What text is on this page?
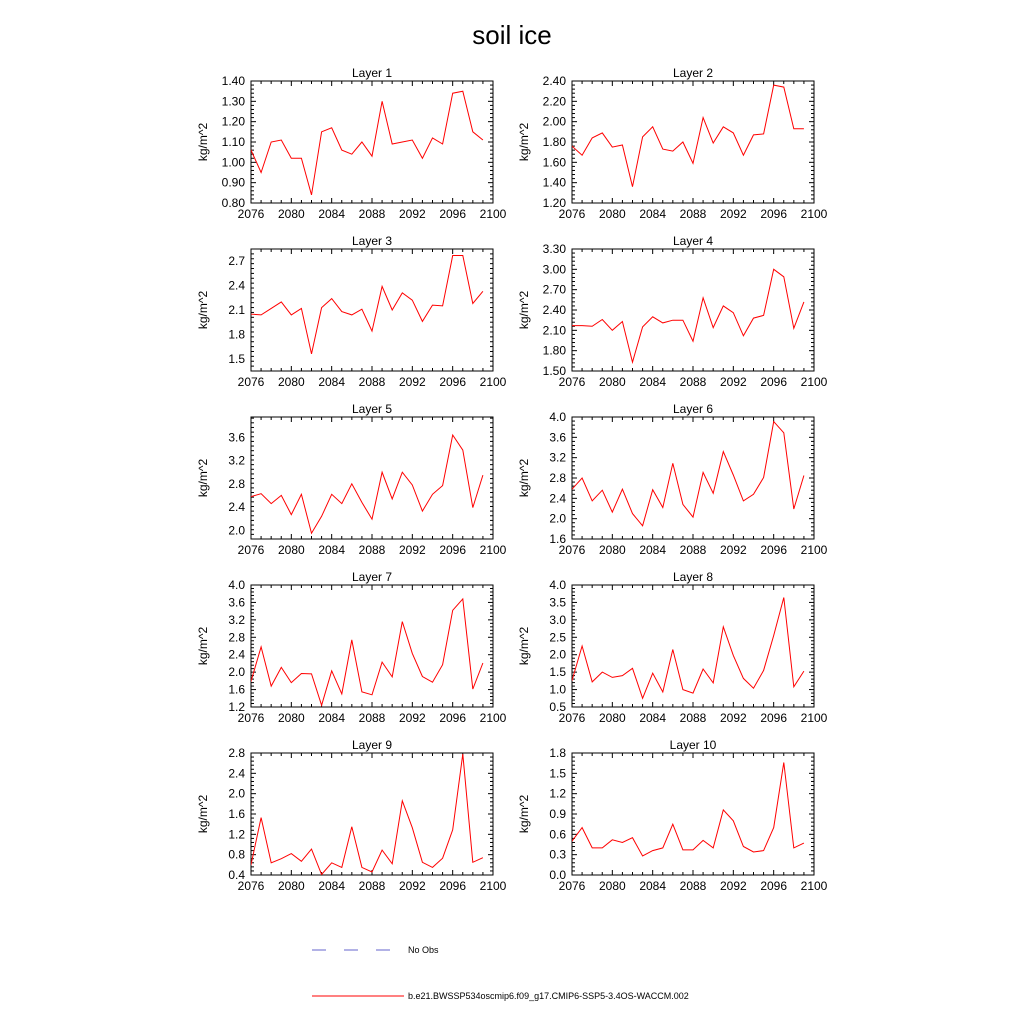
soil ice
Layer 1
kg/m^2
2076 2080 2084 2088 2092 2096 2100
0.80
0.90
1.00
1.10
1.20
1.30
1.40
Layer 2
kg/m^2
2076 2080 2084 2088 2092 2096 2100
1.20
1.40
1.60
1.80
2.00
2.20
2.40
Layer 3
kg/m^2
2076 2080 2084 2088 2092 2096 2100
1.5
1.8
2.1
2.4
2.7
Layer 4
kg/m^2
2076 2080 2084 2088 2092 2096 2100
1.50
1.80
2.10
2.40
2.70
3.00
3.30
Layer 5
kg/m^2
2076 2080 2084 2088 2092 2096 2100
2.0
2.4
2.8
3.2
3.6
Layer 6
kg/m^2
2076 2080 2084 2088 2092 2096 2100
1.6
2.0
2.4
2.8
3.2
3.6
4.0
Layer 7
kg/m^2
2076 2080 2084 2088 2092 2096 2100
1.2
1.6
2.0
2.4
2.8
3.2
3.6
4.0
Layer 8
kg/m^2
2076 2080 2084 2088 2092 2096 2100
0.5
1.0
1.5
2.0
2.5
3.0
3.5
4.0
Layer 9
kg/m^2
2076 2080 2084 2088 2092 2096 2100
0.4
0.8
1.2
1.6
2.0
2.4
2.8
Layer 10
kg/m^2
2076 2080 2084 2088 2092 2096 2100
0.0
0.3
0.6
0.9
1.2
1.5
1.8
No Obs
b.e21.BWSSP534oscmip6.f09_g17.CMIP6-SSP5-3.4OS-WACCM.002
